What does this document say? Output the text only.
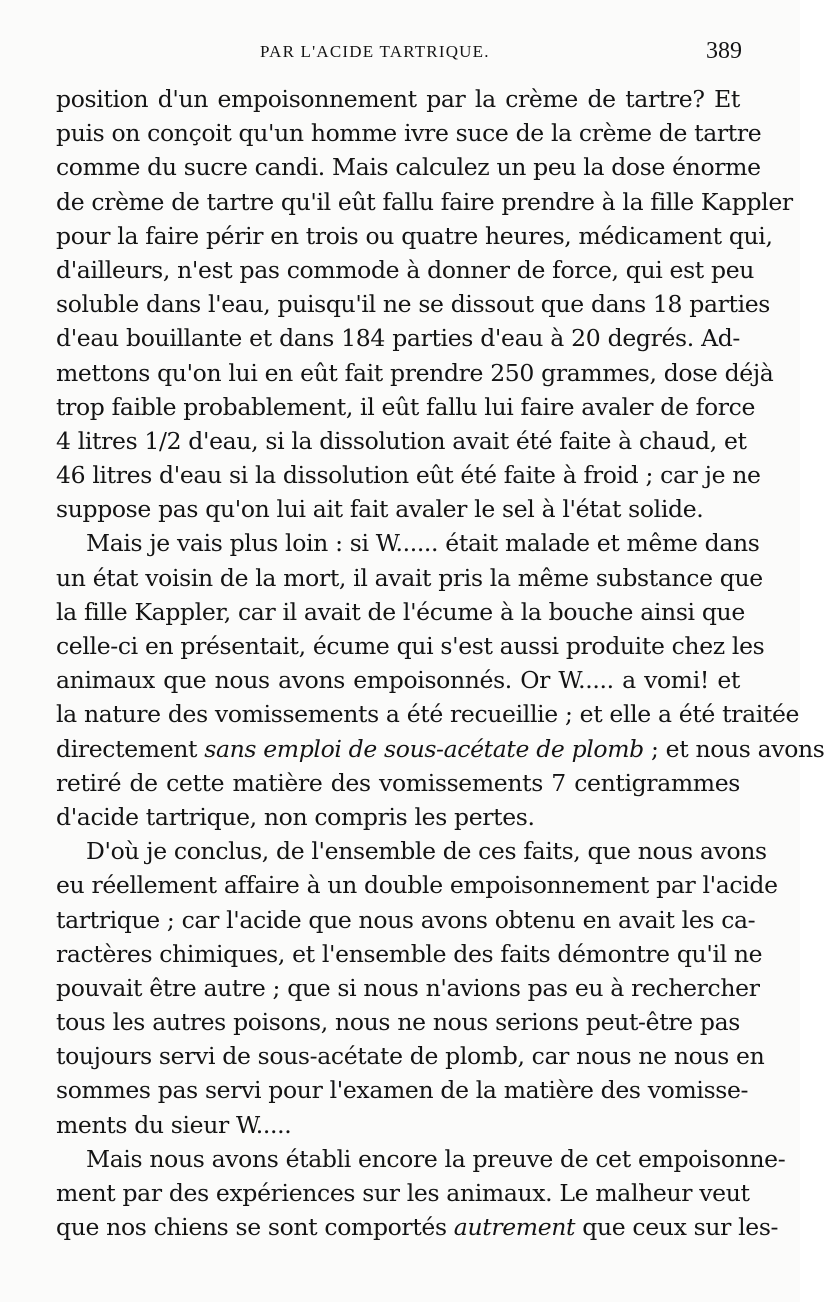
PAR L'ACIDE TARTRIQUE.	389
position d'un empoisonnement par la crème de tartre? Et
puis on conçoit qu'un homme ivre suce de la crème de tartre
comme du sucre candi. Mais calculez un peu la dose énorme
de crème de tartre qu'il eût fallu faire prendre à la fille Kappler
pour la faire périr en trois ou quatre heures, médicament qui,
d'ailleurs, n'est pas commode à donner de force, qui est peu
soluble dans l'eau, puisqu'il ne se dissout que dans 18 parties
d'eau bouillante et dans 184 parties d'eau à 20 degrés. Ad-
mettons qu'on lui en eût fait prendre 250 grammes, dose déjà
trop faible probablement, il eût fallu lui faire avaler de force
4 litres 1/2 d'eau, si la dissolution avait été faite à chaud, et
46 litres d'eau si la dissolution eût été faite à froid ; car je ne
suppose pas qu'on lui ait fait avaler le sel à l'état solide.
Mais je vais plus loin : si W...... était malade et même dans
un état voisin de la mort, il avait pris la même substance que
la fille Kappler, car il avait de l'écume à la bouche ainsi que
celle-ci en présentait, écume qui s'est aussi produite chez les
animaux que nous avons empoisonnés. Or W..... a vomi! et
la nature des vomissements a été recueillie ; et elle a été traitée
directement sans emploi de sous-acétate de plomb ; et nous avons
retiré de cette matière des vomissements 7 centigrammes
d'acide tartrique, non compris les pertes.
D'où je conclus, de l'ensemble de ces faits, que nous avons
eu réellement affaire à un double empoisonnement par l'acide
tartrique ; car l'acide que nous avons obtenu en avait les ca-
ractères chimiques, et l'ensemble des faits démontre qu'il ne
pouvait être autre ; que si nous n'avions pas eu à rechercher
tous les autres poisons, nous ne nous serions peut-être pas
toujours servi de sous-acétate de plomb, car nous ne nous en
sommes pas servi pour l'examen de la matière des vomisse-
ments du sieur W.....
Mais nous avons établi encore la preuve de cet empoisonne-
ment par des expériences sur les animaux. Le malheur veut
que nos chiens se sont comportés autrement que ceux sur les-
